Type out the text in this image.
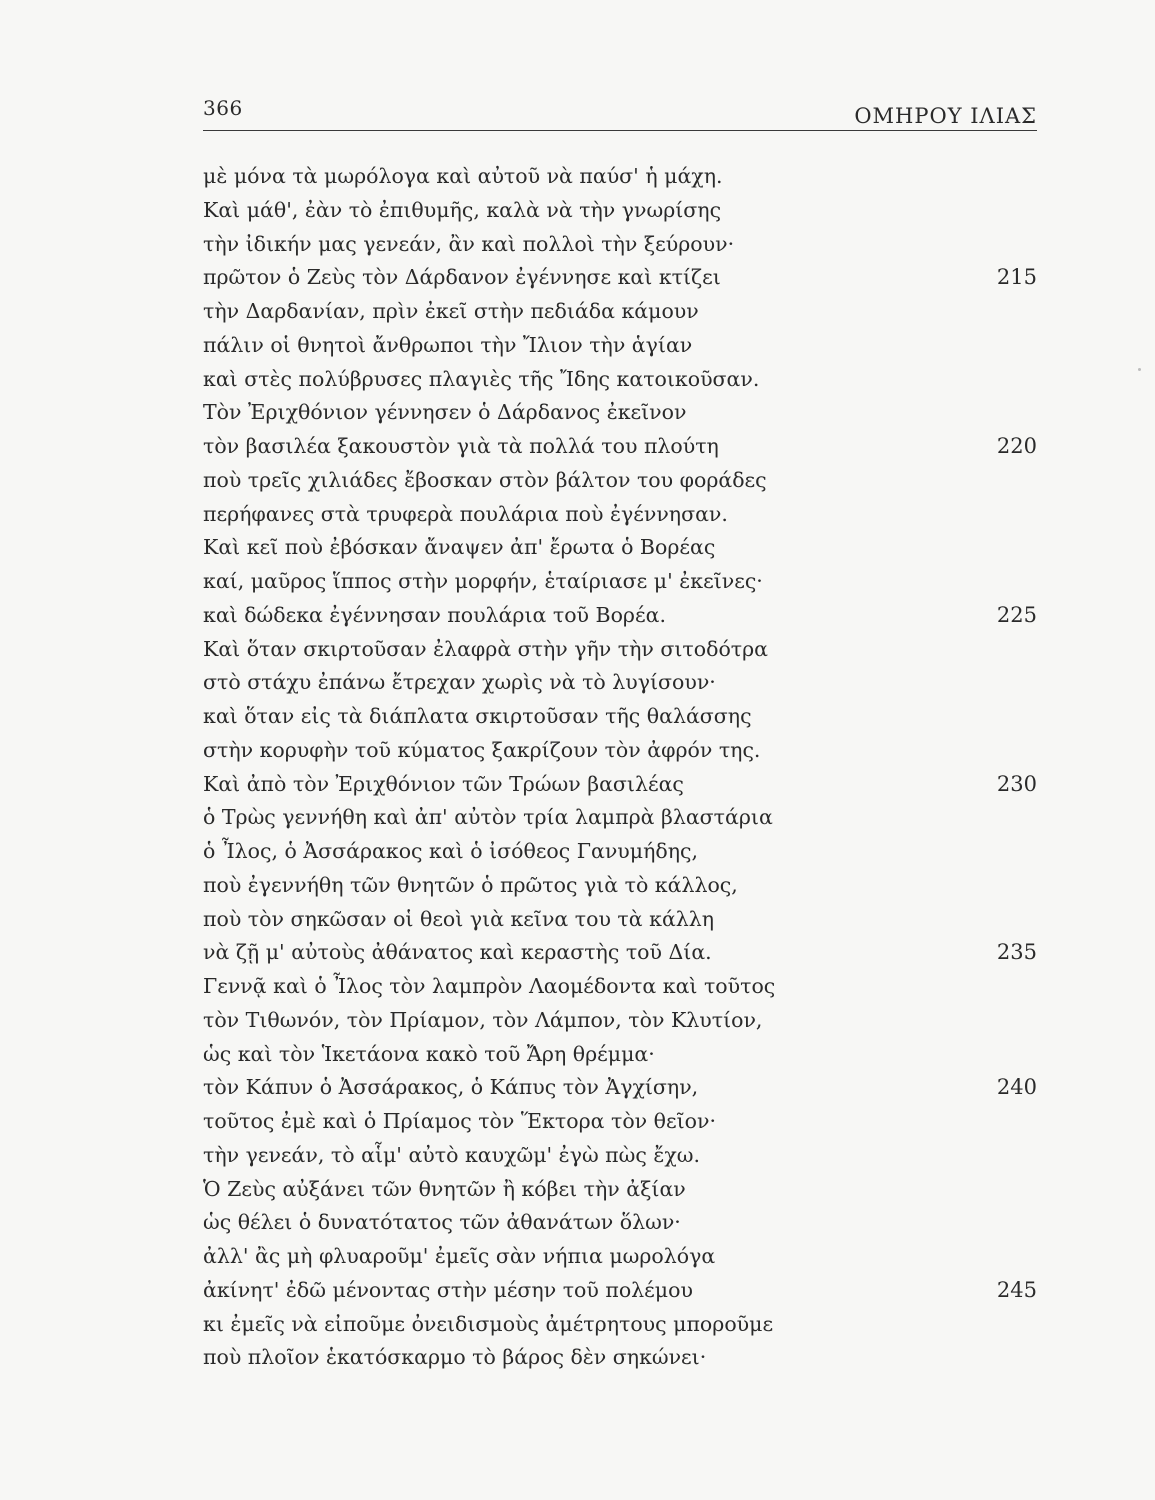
366	ΟΜΗΡΟΥ ΙΛΙΑΣ
μὲ μόνα τὰ μωρόλογα καὶ αὐτοῦ νὰ παύσ' ἡ μάχη.
Καὶ μάθ', ἐὰν τὸ ἐπιθυμῆς, καλὰ νὰ τὴν γνωρίσης
τὴν ἰδικήν μας γενεάν, ἂν καὶ πολλοὶ τὴν ξεύρουν·
πρῶτον ὁ Ζεὺς τὸν Δάρδανον ἐγέννησε καὶ κτίζει	215
τὴν Δαρδανίαν, πρὶν ἐκεῖ στὴν πεδιάδα κάμουν
πάλιν οἱ θνητοὶ ἄνθρωποι τὴν Ἴλιον τὴν ἁγίαν
καὶ στὲς πολύβρυσες πλαγιὲς τῆς Ἴδης κατοικοῦσαν.
Τὸν Ἐριχθόνιον γέννησεν ὁ Δάρδανος ἐκεῖνον
τὸν βασιλέα ξακουστὸν γιὰ τὰ πολλά του πλούτη	220
ποὺ τρεῖς χιλιάδες ἔβοσκαν στὸν βάλτον του φοράδες
περήφανες στὰ τρυφερὰ πουλάρια ποὺ ἐγέννησαν.
Καὶ κεῖ ποὺ ἐβόσκαν ἄναψεν ἀπ' ἔρωτα ὁ Βορέας
καί, μαῦρος ἵππος στὴν μορφήν, ἑταίριασε μ' ἐκεῖνες·
καὶ δώδεκα ἐγέννησαν πουλάρια τοῦ Βορέα.	225
Καὶ ὅταν σκιρτοῦσαν ἐλαφρὰ στὴν γῆν τὴν σιτοδότρα
στὸ στάχυ ἐπάνω ἔτρεχαν χωρὶς νὰ τὸ λυγίσουν·
καὶ ὅταν εἰς τὰ διάπλατα σκιρτοῦσαν τῆς θαλάσσης
στὴν κορυφὴν τοῦ κύματος ξακρίζουν τὸν ἀφρόν της.
Καὶ ἀπὸ τὸν Ἐριχθόνιον τῶν Τρώων βασιλέας	230
ὁ Τρὼς γεννήθη καὶ ἀπ' αὐτὸν τρία λαμπρὰ βλαστάρια
ὁ Ἶλος, ὁ Ἀσσάρακος καὶ ὁ ἰσόθεος Γανυμήδης,
ποὺ ἐγεννήθη τῶν θνητῶν ὁ πρῶτος γιὰ τὸ κάλλος,
ποὺ τὸν σηκῶσαν οἱ θεοὶ γιὰ κεῖνα του τὰ κάλλη
νὰ ζῇ μ' αὐτοὺς ἀθάνατος καὶ κεραστὴς τοῦ Δία.	235
Γεννᾷ καὶ ὁ Ἶλος τὸν λαμπρὸν Λαομέδοντα καὶ τοῦτος
τὸν Τιθωνόν, τὸν Πρίαμον, τὸν Λάμπον, τὸν Κλυτίον,
ὡς καὶ τὸν Ἱκετάονα κακὸ τοῦ Ἄρη θρέμμα·
τὸν Κάπυν ὁ Ἀσσάρακος, ὁ Κάπυς τὸν Ἀγχίσην,	240
τοῦτος ἐμὲ καὶ ὁ Πρίαμος τὸν Ἕκτορα τὸν θεῖον·
τὴν γενεάν, τὸ αἷμ' αὐτὸ καυχῶμ' ἐγὼ πὼς ἔχω.
Ὁ Ζεὺς αὐξάνει τῶν θνητῶν ἢ κόβει τὴν ἀξίαν
ὡς θέλει ὁ δυνατότατος τῶν ἀθανάτων ὅλων·
ἀλλ' ἂς μὴ φλυαροῦμ' ἐμεῖς σὰν νήπια μωρολόγα
ἀκίνητ' ἐδῶ μένοντας στὴν μέσην τοῦ πολέμου	245
κι ἐμεῖς νὰ εἰποῦμε ὀνειδισμοὺς ἀμέτρητους μποροῦμε
ποὺ πλοῖον ἑκατόσκαρμο τὸ βάρος δὲν σηκώνει·
